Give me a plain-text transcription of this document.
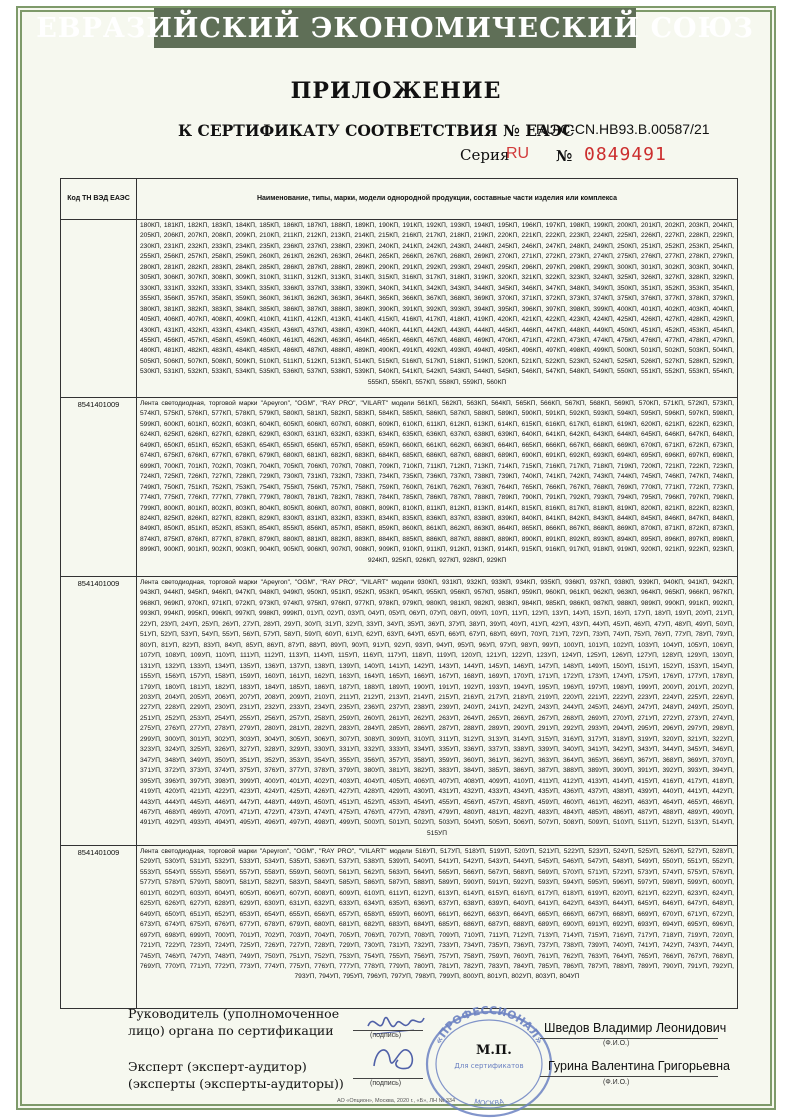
ЕВРАЗИЙСКИЙ ЭКОНОМИЧЕСКИЙ СОЮЗ
ПРИЛОЖЕНИЕ
К СЕРТИФИКАТУ СООТВЕТСТВИЯ № ЕАЭС
RU С-CN.НВ93.В.00587/21
Серия
RU № 0849491
Код ТН ВЭД ЕАЭС	Наименование, типы, марки, модели однородной продукции, составные части изделия или комплекса
	180КП, 181КП, 182КП, 183КП, 184КП, 185КП, 186КП, 187КП, 188КП, 189КП, 190КП, 191КП, 192КП, 193КП, 194КП, 195КП, 196КП, 197КП, 198КП, 199КП, 200КП, 201КП, 202КП, 203КП, 204КП, 205КП, 206КП, 207КП, 208КП, 209КП, 210КП, 211КП, 212КП, 213КП, 214КП, 215КП, 216КП, 217КП, 218КП, 219КП, 220КП, 221КП, 222КП, 223КП, 224КП, 225КП, 226КП, 227КП, 228КП, 229КП, 230КП, 231КП, 232КП, 233КП, 234КП, 235КП, 236КП, 237КП, 238КП, 239КП, 240КП, 241КП, 242КП, 243КП, 244КП, 245КП, 246КП, 247КП, 248КП, 249КП, 250КП, 251КП, 252КП, 253КП, 254КП, 255КП, 256КП, 257КП, 258КП, 259КП, 260КП, 261КП, 262КП, 263КП, 264КП, 265КП, 266КП, 267КП, 268КП, 269КП, 270КП, 271КП, 272КП, 273КП, 274КП, 275КП, 276КП, 277КП, 278КП, 279КП, 280КП, 281КП, 282КП, 283КП, 284КП, 285КП, 286КП, 287КП, 288КП, 289КП, 290КП, 291КП, 292КП, 293КП, 294КП, 295КП, 296КП, 297КП, 298КП, 299КП, 300КП, 301КП, 302КП, 303КП, 304КП, 305КП, 306КП, 307КП, 308КП, 309КП, 310КП, 311КП, 312КП, 313КП, 314КП, 315КП, 316КП, 317КП, 318КП, 319КП, 320КП, 321КП, 322КП, 323КП, 324КП, 325КП, 326КП, 327КП, 328КП, 329КП, 330КП, 331КП, 332КП, 333КП, 334КП, 335КП, 336КП, 337КП, 338КП, 339КП, 340КП, 341КП, 342КП, 343КП, 344КП, 345КП, 346КП, 347КП, 348КП, 349КП, 350КП, 351КП, 352КП, 353КП, 354КП, 355КП, 356КП, 357КП, 358КП, 359КП, 360КП, 361КП, 362КП, 363КП, 364КП, 365КП, 366КП, 367КП, 368КП, 369КП, 370КП, 371КП, 372КП, 373КП, 374КП, 375КП, 376КП, 377КП, 378КП, 379КП, 380КП, 381КП, 382КП, 383КП, 384КП, 385КП, 386КП, 387КП, 388КП, 389КП, 390КП, 391КП, 392КП, 393КП, 394КП, 395КП, 396КП, 397КП, 398КП, 399КП, 400КП, 401КП, 402КП, 403КП, 404КП, 405КП, 406КП, 407КП, 408КП, 409КП, 410КП, 411КП, 412КП, 413КП, 414КП, 415КП, 416КП, 417КП, 418КП, 419КП, 420КП, 421КП, 422КП, 423КП, 424КП, 425КП, 426КП, 427КП, 428КП, 429КП, 430КП, 431КП, 432КП, 433КП, 434КП, 435КП, 436КП, 437КП, 438КП, 439КП, 440КП, 441КП, 442КП, 443КП, 444КП, 445КП, 446КП, 447КП, 448КП, 449КП, 450КП, 451КП, 452КП, 453КП, 454КП, 455КП, 456КП, 457КП, 458КП, 459КП, 460КП, 461КП, 462КП, 463КП, 464КП, 465КП, 466КП, 467КП, 468КП, 469КП, 470КП, 471КП, 472КП, 473КП, 474КП, 475КП, 476КП, 477КП, 478КП, 479КП, 480КП, 481КП, 482КП, 483КП, 484КП, 485КП, 486КП, 487КП, 488КП, 489КП, 490КП, 491КП, 492КП, 493КП, 494КП, 495КП, 496КП, 497КП, 498КП, 499КП, 500КП, 501КП, 502КП, 503КП, 504КП, 505КП, 506КП, 507КП, 508КП, 509КП, 510КП, 511КП, 512КП, 513КП, 514КП, 515КП, 516КП, 517КП, 518КП, 519КП, 520КП, 521КП, 522КП, 523КП, 524КП, 525КП, 526КП, 527КП, 528КП, 529КП, 530КП, 531КП, 532КП, 533КП, 534КП, 535КП, 536КП, 537КП, 538КП, 539КП, 540КП, 541КП, 542КП, 543КП, 544КП, 545КП, 546КП, 547КП, 548КП, 549КП, 550КП, 551КП, 552КП, 553КП, 554КП, 555КП, 556КП, 557КП, 558КП, 559КП, 560КП
8541401009	Лента светодиодная, торговой марки "Apeyron", "OGM", "RAY PRO", "VILART" модели 561КП, 562КП, 563КП, 564КП, 565КП, 566КП, 567КП, 568КП, 569КП, 570КП, 571КП, 572КП, 573КП, 574КП, 575КП, 576КП, 577КП, 578КП, 579КП, 580КП, 581КП, 582КП, 583КП, 584КП, 585КП, 586КП, 587КП, 588КП, 589КП, 590КП, 591КП, 592КП, 593КП, 594КП, 595КП, 596КП, 597КП, 598КП, 599КП, 600КП, 601КП, 602КП, 603КП, 604КП, 605КП, 606КП, 607КП, 608КП, 609КП, 610КП, 611КП, 612КП, 613КП, 614КП, 615КП, 616КП, 617КП, 618КП, 619КП, 620КП, 621КП, 622КП, 623КП, 624КП, 625КП, 626КП, 627КП, 628КП, 629КП, 630КП, 631КП, 632КП, 633КП, 634КП, 635КП, 636КП, 637КП, 638КП, 639КП, 640КП, 641КП, 642КП, 643КП, 644КП, 645КП, 646КП, 647КП, 648КП, 649КП, 650КП, 651КП, 652КП, 653КП, 654КП, 655КП, 656КП, 657КП, 658КП, 659КП, 660КП, 661КП, 662КП, 663КП, 664КП, 665КП, 666КП, 667КП, 668КП, 669КП, 670КП, 671КП, 672КП, 673КП, 674КП, 675КП, 676КП, 677КП, 678КП, 679КП, 680КП, 681КП, 682КП, 683КП, 684КП, 685КП, 686КП, 687КП, 688КП, 689КП, 690КП, 691КП, 692КП, 693КП, 694КП, 695КП, 696КП, 697КП, 698КП, 699КП, 700КП, 701КП, 702КП, 703КП, 704КП, 705КП, 706КП, 707КП, 708КП, 709КП, 710КП, 711КП, 712КП, 713КП, 714КП, 715КП, 716КП, 717КП, 718КП, 719КП, 720КП, 721КП, 722КП, 723КП, 724КП, 725КП, 726КП, 727КП, 728КП, 729КП, 730КП, 731КП, 732КП, 733КП, 734КП, 735КП, 736КП, 737КП, 738КП, 739КП, 740КП, 741КП, 742КП, 743КП, 744КП, 745КП, 746КП, 747КП, 748КП, 749КП, 750КП, 751КП, 752КП, 753КП, 754КП, 755КП, 756КП, 757КП, 758КП, 759КП, 760КП, 761КП, 762КП, 763КП, 764КП, 765КП, 766КП, 767КП, 768КП, 769КП, 770КП, 771КП, 772КП, 773КП, 774КП, 775КП, 776КП, 777КП, 778КП, 779КП, 780КП, 781КП, 782КП, 783КП, 784КП, 785КП, 786КП, 787КП, 788КП, 789КП, 790КП, 791КП, 792КП, 793КП, 794КП, 795КП, 796КП, 797КП, 798КП, 799КП, 800КП, 801КП, 802КП, 803КП, 804КП, 805КП, 806КП, 807КП, 808КП, 809КП, 810КП, 811КП, 812КП, 813КП, 814КП, 815КП, 816КП, 817КП, 818КП, 819КП, 820КП, 821КП, 822КП, 823КП, 824КП, 825КП, 826КП, 827КП, 828КП, 829КП, 830КП, 831КП, 832КП, 833КП, 834КП, 835КП, 836КП, 837КП, 838КП, 839КП, 840КП, 841КП, 842КП, 843КП, 844КП, 845КП, 846КП, 847КП, 848КП, 849КП, 850КП, 851КП, 852КП, 853КП, 854КП, 855КП, 856КП, 857КП, 858КП, 859КП, 860КП, 861КП, 862КП, 863КП, 864КП, 865КП, 866КП, 867КП, 868КП, 869КП, 870КП, 871КП, 872КП, 873КП, 874КП, 875КП, 876КП, 877КП, 878КП, 879КП, 880КП, 881КП, 882КП, 883КП, 884КП, 885КП, 886КП, 887КП, 888КП, 889КП, 890КП, 891КП, 892КП, 893КП, 894КП, 895КП, 896КП, 897КП, 898КП, 899КП, 900КП, 901КП, 902КП, 903КП, 904КП, 905КП, 906КП, 907КП, 908КП, 909КП, 910КП, 911КП, 912КП, 913КП, 914КП, 915КП, 916КП, 917КП, 918КП, 919КП, 920КП, 921КП, 922КП, 923КП, 924КП, 925КП, 926КП, 927КП, 928КП, 929КП
8541401009	Лента светодиодная, торговой марки "Apeyron", "OGM", "RAY PRO", "VILART" модели 930КП, 931КП, 932КП, 933КП, 934КП, 935КП, 936КП, 937КП, 938КП, 939КП, 940КП, 941КП, 942КП, 943КП, 944КП, 945КП, 946КП, 947КП, 948КП, 949КП, 950КП, 951КП, 952КП, 953КП, 954КП, 955КП, 956КП, 957КП, 958КП, 959КП, 960КП, 961КП, 962КП, 963КП, 964КП, 965КП, 966КП, 967КП, 968КП, 969КП, 970КП, 971КП, 972КП, 973КП, 974КП, 975КП, 976КП, 977КП, 978КП, 979КП, 980КП, 981КП, 982КП, 983КП, 984КП, 985КП, 986КП, 987КП, 988КП, 989КП, 990КП, 991КП, 992КП, 993КП, 994КП, 995КП, 996КП, 997КП, 998КП, 999КП, 01УП, 02УП, 03УП, 04УП, 05УП, 06УП, 07УП, 08УП, 09УП, 10УП, 11УП, 12УП, 13УП, 14УП, 15УП, 16УП, 17УП, 18УП, 19УП, 20УП, 21УП, 22УП, 23УП, 24УП, 25УП, 26УП, 27УП, 28УП, 29УП, 30УП, 31УП, 32УП, 33УП, 34УП, 35УП, 36УП, 37УП, 38УП, 39УП, 40УП, 41УП, 42УП, 43УП, 44УП, 45УП, 46УП, 47УП, 48УП, 49УП, 50УП, 51УП, 52УП, 53УП, 54УП, 55УП, 56УП, 57УП, 58УП, 59УП, 60УП, 61УП, 62УП, 63УП, 64УП, 65УП, 66УП, 67УП, 68УП, 69УП, 70УП, 71УП, 72УП, 73УП, 74УП, 75УП, 76УП, 77УП, 78УП, 79УП, 80УП, 81УП, 82УП, 83УП, 84УП, 85УП, 86УП, 87УП, 88УП, 89УП, 90УП, 91УП, 92УП, 93УП, 94УП, 95УП, 96УП, 97УП, 98УП, 99УП, 100УП, 101УП, 102УП, 103УП, 104УП, 105УП, 106УП, 107УП, 108УП, 109УП, 110УП, 111УП, 112УП, 113УП, 114УП, 115УП, 116УП, 117УП, 118УП, 119УП, 120УП, 121УП, 122УП, 123УП, 124УП, 125УП, 126УП, 127УП, 128УП, 129УП, 130УП, 131УП, 132УП, 133УП, 134УП, 135УП, 136УП, 137УП, 138УП, 139УП, 140УП, 141УП, 142УП, 143УП, 144УП, 145УП, 146УП, 147УП, 148УП, 149УП, 150УП, 151УП, 152УП, 153УП, 154УП, 155УП, 156УП, 157УП, 158УП, 159УП, 160УП, 161УП, 162УП, 163УП, 164УП, 165УП, 166УП, 167УП, 168УП, 169УП, 170УП, 171УП, 172УП, 173УП, 174УП, 175УП, 176УП, 177УП, 178УП, 179УП, 180УП, 181УП, 182УП, 183УП, 184УП, 185УП, 186УП, 187УП, 188УП, 189УП, 190УП, 191УП, 192УП, 193УП, 194УП, 195УП, 196УП, 197УП, 198УП, 199УП, 200УП, 201УП, 202УП, 203УП, 204УП, 205УП, 206УП, 207УП, 208УП, 209УП, 210УП, 211УП, 212УП, 213УП, 214УП, 215УП, 216УП, 217УП, 218УП, 219УП, 220УП, 221УП, 222УП, 223УП, 224УП, 225УП, 226УП, 227УП, 228УП, 229УП, 230УП, 231УП, 232УП, 233УП, 234УП, 235УП, 236УП, 237УП, 238УП, 239УП, 240УП, 241УП, 242УП, 243УП, 244УП, 245УП, 246УП, 247УП, 248УП, 249УП, 250УП, 251УП, 252УП, 253УП, 254УП, 255УП, 256УП, 257УП, 258УП, 259УП, 260УП, 261УП, 262УП, 263УП, 264УП, 265УП, 266УП, 267УП, 268УП, 269УП, 270УП, 271УП, 272УП, 273УП, 274УП, 275УП, 276УП, 277УП, 278УП, 279УП, 280УП, 281УП, 282УП, 283УП, 284УП, 285УП, 286УП, 287УП, 288УП, 289УП, 290УП, 291УП, 292УП, 293УП, 294УП, 295УП, 296УП, 297УП, 298УП, 299УП, 300УП, 301УП, 302УП, 303УП, 304УП, 305УП, 306УП, 307УП, 308УП, 309УП, 310УП, 311УП, 312УП, 313УП, 314УП, 315УП, 316УП, 317УП, 318УП, 319УП, 320УП, 321УП, 322УП, 323УП, 324УП, 325УП, 326УП, 327УП, 328УП, 329УП, 330УП, 331УП, 332УП, 333УП, 334УП, 335УП, 336УП, 337УП, 338УП, 339УП, 340УП, 341УП, 342УП, 343УП, 344УП, 345УП, 346УП, 347УП, 348УП, 349УП, 350УП, 351УП, 352УП, 353УП, 354УП, 355УП, 356УП, 357УП, 358УП, 359УП, 360УП, 361УП, 362УП, 363УП, 364УП, 365УП, 366УП, 367УП, 368УП, 369УП, 370УП, 371УП, 372УП, 373УП, 374УП, 375УП, 376УП, 377УП, 378УП, 379УП, 380УП, 381УП, 382УП, 383УП, 384УП, 385УП, 386УП, 387УП, 388УП, 389УП, 390УП, 391УП, 392УП, 393УП, 394УП, 395УП, 396УП, 397УП, 398УП, 399УП, 400УП, 401УП, 402УП, 403УП, 404УП, 405УП, 406УП, 407УП, 408УП, 409УП, 410УП, 411УП, 412УП, 413УП, 414УП, 415УП, 416УП, 417УП, 418УП, 419УП, 420УП, 421УП, 422УП, 423УП, 424УП, 425УП, 426УП, 427УП, 428УП, 429УП, 430УП, 431УП, 432УП, 433УП, 434УП, 435УП, 436УП, 437УП, 438УП, 439УП, 440УП, 441УП, 442УП, 443УП, 444УП, 445УП, 446УП, 447УП, 448УП, 449УП, 450УП, 451УП, 452УП, 453УП, 454УП, 455УП, 456УП, 457УП, 458УП, 459УП, 460УП, 461УП, 462УП, 463УП, 464УП, 465УП, 466УП, 467УП, 468УП, 469УП, 470УП, 471УП, 472УП, 473УП, 474УП, 475УП, 476УП, 477УП, 478УП, 479УП, 480УП, 481УП, 482УП, 483УП, 484УП, 485УП, 486УП, 487УП, 488УП, 489УП, 490УП, 491УП, 492УП, 493УП, 494УП, 495УП, 496УП, 497УП, 498УП, 499УП, 500УП, 501УП, 502УП, 503УП, 504УП, 505УП, 506УП, 507УП, 508УП, 509УП, 510УП, 511УП, 512УП, 513УП, 514УП, 515УП
8541401009	Лента светодиодная, торговой марки "Apeyron", "OGM", "RAY PRO", "VILART" модели 516УП, 517УП, 518УП, 519УП, 520УП, 521УП, 522УП, 523УП, 524УП, 525УП, 526УП, 527УП, 528УП, 529УП, 530УП, 531УП, 532УП, 533УП, 534УП, 535УП, 536УП, 537УП, 538УП, 539УП, 540УП, 541УП, 542УП, 543УП, 544УП, 545УП, 546УП, 547УП, 548УП, 549УП, 550УП, 551УП, 552УП, 553УП, 554УП, 555УП, 556УП, 557УП, 558УП, 559УП, 560УП, 561УП, 562УП, 563УП, 564УП, 565УП, 566УП, 567УП, 568УП, 569УП, 570УП, 571УП, 572УП, 573УП, 574УП, 575УП, 576УП, 577УП, 578УП, 579УП, 580УП, 581УП, 582УП, 583УП, 584УП, 585УП, 586УП, 587УП, 588УП, 589УП, 590УП, 591УП, 592УП, 593УП, 594УП, 595УП, 596УП, 597УП, 598УП, 599УП, 600УП, 601УП, 602УП, 603УП, 604УП, 605УП, 606УП, 607УП, 608УП, 609УП, 610УП, 611УП, 612УП, 613УП, 614УП, 615УП, 616УП, 617УП, 618УП, 619УП, 620УП, 621УП, 622УП, 623УП, 624УП, 625УП, 626УП, 627УП, 628УП, 629УП, 630УП, 631УП, 632УП, 633УП, 634УП, 635УП, 636УП, 637УП, 638УП, 639УП, 640УП, 641УП, 642УП, 643УП, 644УП, 645УП, 646УП, 647УП, 648УП, 649УП, 650УП, 651УП, 652УП, 653УП, 654УП, 655УП, 656УП, 657УП, 658УП, 659УП, 660УП, 661УП, 662УП, 663УП, 664УП, 665УП, 666УП, 667УП, 668УП, 669УП, 670УП, 671УП, 672УП, 673УП, 674УП, 675УП, 676УП, 677УП, 678УП, 679УП, 680УП, 681УП, 682УП, 683УП, 684УП, 685УП, 686УП, 687УП, 688УП, 689УП, 690УП, 691УП, 692УП, 693УП, 694УП, 695УП, 696УП, 697УП, 698УП, 699УП, 700УП, 701УП, 702УП, 703УП, 704УП, 705УП, 706УП, 707УП, 708УП, 709УП, 710УП, 711УП, 712УП, 713УП, 714УП, 715УП, 716УП, 717УП, 718УП, 719УП, 720УП, 721УП, 722УП, 723УП, 724УП, 725УП, 726УП, 727УП, 728УП, 729УП, 730УП, 731УП, 732УП, 733УП, 734УП, 735УП, 736УП, 737УП, 738УП, 739УП, 740УП, 741УП, 742УП, 743УП, 744УП, 745УП, 746УП, 747УП, 748УП, 749УП, 750УП, 751УП, 752УП, 753УП, 754УП, 755УП, 756УП, 757УП, 758УП, 759УП, 760УП, 761УП, 762УП, 763УП, 764УП, 765УП, 766УП, 767УП, 768УП, 769УП, 770УП, 771УП, 772УП, 773УП, 774УП, 775УП, 776УП, 777УП, 778УП, 779УП, 780УП, 781УП, 782УП, 783УП, 784УП, 785УП, 786УП, 787УП, 788УП, 789УП, 790УП, 791УП, 792УП, 793УП, 794УП, 795УП, 796УП, 797УП, 798УП, 799УП, 800УП, 801УП, 802УП, 803УП, 804УП
«ПРОФЕССИОНАЛ»
Для сертификатов
МОСКВА
Руководитель (уполномоченное
лицо) органа по сертификации	(подпись)
Шведов Владимир Леонидович
(Ф.И.О.)
М.П.
Эксперт (эксперт-аудитор)
(эксперты (эксперты-аудиторы))	(подпись)
Гурина Валентина Григорьевна
(Ф.И.О.)
АО «Опцион», Москва, 2020 г., «Б», ЛН № 334
